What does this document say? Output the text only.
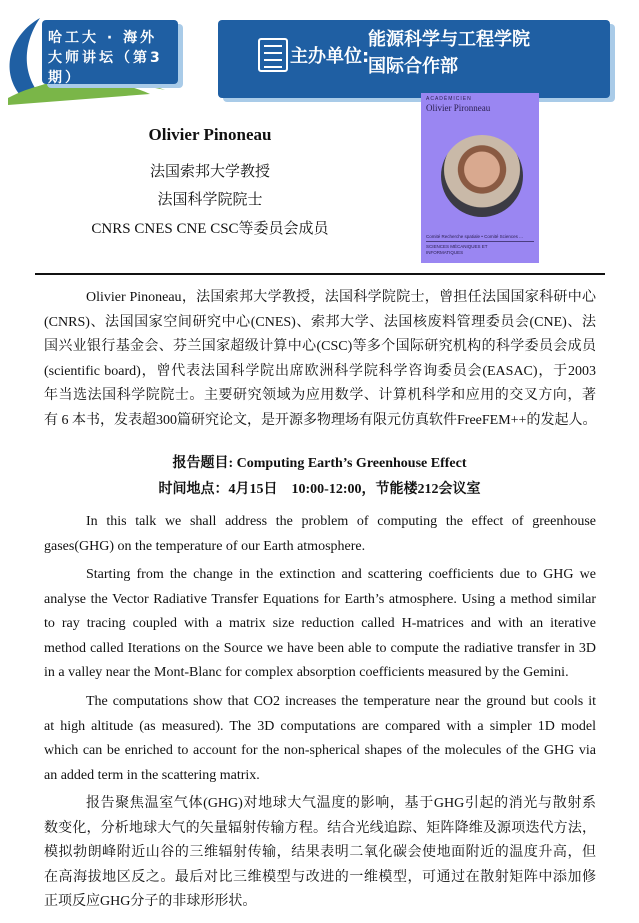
哈工大 · 海外大师讲坛（第3期）
主办单位:
能源科学与工程学院
国际合作部
Olivier Pinoneau
法国索邦大学教授
法国科学院院士
CNRS CNES CNE CSC等委员会成员
ACADÉMICIEN
Olivier Pironneau
Comité Recherche spatiale • Comité Sciences ...
SCIENCES MÉCANIQUES ET INFORMATIQUES
Olivier Pinoneau，法国索邦大学教授，法国科学院院士，曾担任法国国家科研中心
(CNRS)、法国国家空间研究中心(CNES)、索邦大学、法国核废料管理委员会(CNE)、法
国兴业银行基金会、芬兰国家超级计算中心(CSC)等多个国际研究机构的科学委员会成员
(scientific board)，曾代表法国科学院出席欧洲科学院科学咨询委员会(EASAC)，于2003
年当选法国科学院院士。主要研究领域为应用数学、计算机科学和应用的交叉方向，著
有 6 本书，发表超300篇研究论文，是开源多物理场有限元仿真软件FreeFEM++的发起人。
报告题目: Computing Earth’s Greenhouse Effect
时间地点：4月15日　10:00-12:00，节能楼212会议室
In this talk we shall address the problem of computing the effect of greenhouse
gases(GHG) on the temperature of our Earth atmosphere.
Starting from the change in the extinction and scattering coefficients due to GHG we
analyse the Vector Radiative Transfer Equations for Earth’s atmosphere. Using a method similar
to ray tracing coupled with a matrix size reduction called H-matrices and with an iterative
method called Iterations on the Source we have been able to compute the radiative transfer in 3D
in a valley near the Mont-Blanc for complex absorption coefficients measured by the Gemini.
The computations show that CO2 increases the temperature near the ground but cools it
at high altitude (as measured). The 3D computations are compared with a simpler 1D model
which can be enriched to account for the non-spherical shapes of the molecules of the GHG via
an added term in the scattering matrix.
报告聚焦温室气体(GHG)对地球大气温度的影响，基于GHG引起的消光与散射系
数变化，分析地球大气的矢量辐射传输方程。结合光线追踪、矩阵降维及源项迭代方法，
模拟勃朗峰附近山谷的三维辐射传输，结果表明二氧化碳会使地面附近的温度升高，但
在高海拔地区反之。最后对比三维模型与改进的一维模型，可通过在散射矩阵中添加修
正项反应GHG分子的非球形形状。
